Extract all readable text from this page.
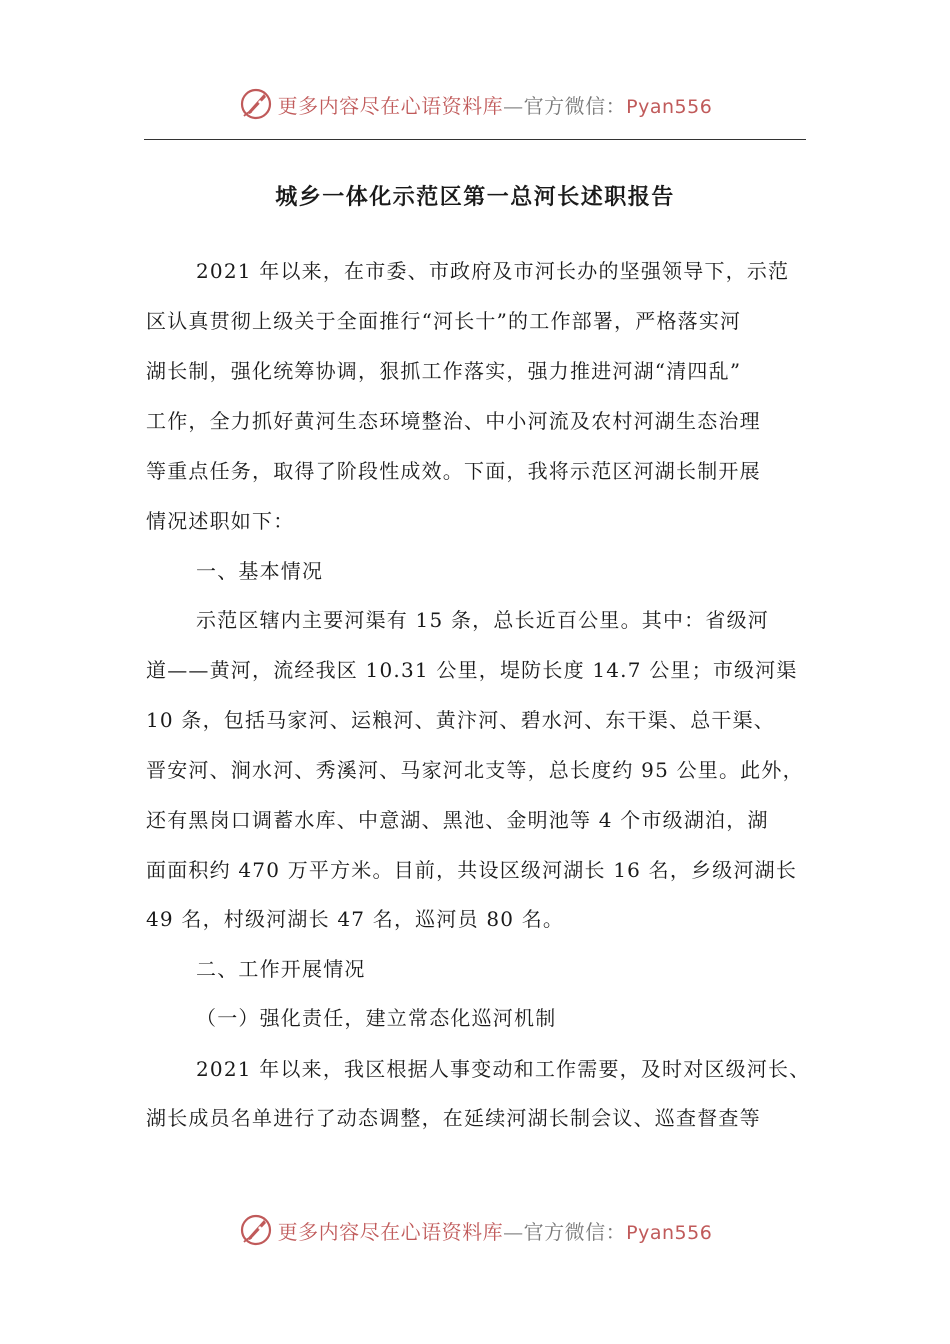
更多内容尽在心语资料库—官方微信：Pyan556
城乡一体化示范区第一总河长述职报告
2021 年以来，在市委、市政府及市河长办的坚强领导下，示范
区认真贯彻上级关于全面推行“河长十”的工作部署，严格落实河
湖长制，强化统筹协调，狠抓工作落实，强力推进河湖“清四乱”
工作，全力抓好黄河生态环境整治、中小河流及农村河湖生态治理
等重点任务，取得了阶段性成效。下面，我将示范区河湖长制开展
情况述职如下：
一、基本情况
示范区辖内主要河渠有 15 条，总长近百公里。其中：省级河
道——黄河，流经我区 10.31 公里，堤防长度 14.7 公里；市级河渠
10 条，包括马家河、运粮河、黄汴河、碧水河、东干渠、总干渠、
晋安河、涧水河、秀溪河、马家河北支等，总长度约 95 公里。此外，
还有黑岗口调蓄水库、中意湖、黑池、金明池等 4 个市级湖泊，湖
面面积约 470 万平方米。目前，共设区级河湖长 16 名，乡级河湖长
49 名，村级河湖长 47 名，巡河员 80 名。
二、工作开展情况
（一）强化责任，建立常态化巡河机制
2021 年以来，我区根据人事变动和工作需要，及时对区级河长、
湖长成员名单进行了动态调整，在延续河湖长制会议、巡查督查等
更多内容尽在心语资料库—官方微信：Pyan556
